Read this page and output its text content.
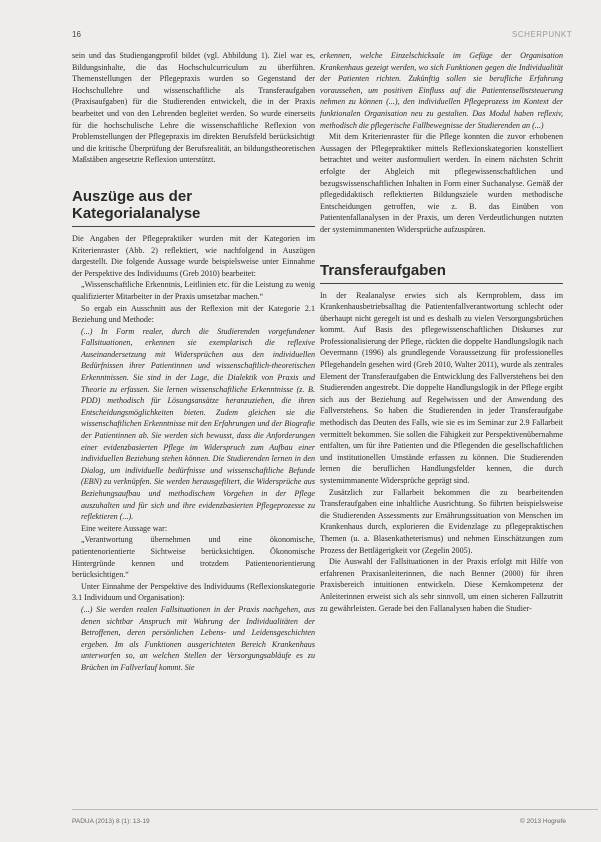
16	SCHERPUNKT

sein und das Studiengangprofil bildet (vgl. Abbildung 1). Ziel war es, Bildungsinhalte, die das Hochschulcurriculum zu überführen. Themenstellungen der Pflegepraxis wurden so Gegenstand der Hochschullehre und wissenschaftliche als Transferaufgaben (Praxisaufgaben) für die Studierenden entwickelt, die in der Praxis bearbeitet und von den Lehrenden begleitet werden. So wurde einerseits für die hochschulische Lehre die wissenschaftliche Reflexion von Problemstellungen der Pflegepraxis im direkten Berufsfeld berücksichtigt und die kritische Überprüfung der Berufsrealität, an bildungstheoretischen Maßstäben angesetzte Reflexion unterstützt.

Auszüge aus der Kategorialanalyse

Die Angaben der Pflegepraktiker wurden mit der Kategorien im Kriterienraster (Abb. 2) reflektiert, wie nachfolgend in Auszügen dargestellt. Die folgende Aussage wurde beispielsweise unter Einnahme der Perspektive des Individuums (Greb 2010) bearbeitet:

„Wissenschaftliche Erkenntnis, Leitlinien etc. für die Leistung zu wenig qualifizierter Mitarbeiter in der Praxis umsetzbar machen.“

So ergab ein Ausschnitt aus der Reflexion mit der Kategorie 2.1 Beziehung und Methode:

(...) In Form realer, durch die Studierenden vorgefundener Fallsituationen, erkennen sie exemplarisch die reflexive Auseinandersetzung mit Widersprüchen aus den individuellen Bedürfnissen ihrer Patientinnen und wissenschaftlich-theoretischen Erkenntnissen. Sie sind in der Lage, die Dialektik von Praxis und Theorie zu erfassen. Sie lernen wissenschaftliche Erkenntnisse (z. B. PDD) methodisch für Lösungsansätze heranzuziehen, die ihren Entscheidungsmöglichkeiten bieten. Zudem gleichen sie die wissenschaftlichen Erkenntnisse mit den Erfahrungen und der Biografie der Patientinnen ab. Sie werden sich bewusst, dass die Anforderungen einer evidenzbasierten Pflege im Widerspruch zum Aufbau einer individuellen Beziehung stehen können. Die Studierenden lernen in den Dialog, um individuelle bedürfnisse und wissenschaftliche Befunde (EBN) zu verknüpfen. Sie werden herausgefiltert, die Widersprüche aus Beziehungsaufbau und methodischem Vorgehen in der Pflege auszuhalten und für sich und ihre evidenzbasierten Pflegeprozesse zu reflektieren (...).

Eine weitere Aussage war:

„Verantwortung übernehmen und eine ökonomische, patientenorientierte Sichtweise berücksichtigen. Ökonomische Hintergründe kennen und trotzdem Patientenorientierung berücksichtigen.“

Unter Einnahme der Perspektive des Individuums (Reflexionskategorie 3.1 Individuum und Organisation):

(...) Sie werden realen Fallsituationen in der Praxis nachgehen, aus denen sichtbar Anspruch mit Wahrung der Individualitäten der Betroffenen, deren persönlichen Lebens- und Leidensgeschichten ergeben. Im als Funktionen ausgerichteten Bereich Krankenhaus unterworfen so, an welchen Stellen der Versorgungsabläufe es zu Brüchen im Fallverlauf kommt. Sie

erkennen, welche Einzelschicksale im Gefüge der Organisation Krankenhaus gezeigt werden, wo sich Funktionen gegen die Individualität der Patienten richten. Zukünftig sollen sie berufliche Erfahrung voraussehen, um positiven Einfluss auf die Patientenselbststeuerung nehmen zu können (...), den individuellen Pflegeprozess im Kontext der funktionalen Organisation neu zu gestalten. Das Modul haben reflexiv, methodisch die pflegerische Fallbewegnisse der Studierenden an (...)

Mit dem Kriterienraster für die Pflege konnten die zuvor erhobenen Aussagen der Pflegepraktiker mittels Reflexionskategorien konstelliert betrachtet und weiter ausformuliert werden. In einem nächsten Schritt erfolgte der Abgleich mit pflegewissenschaftlichen und bezugswissenschaftlichen Inhalten in Form einer Suchanalyse. Gemäß der pflegedidaktisch reflektierten Bildungsziele wurden methodische Entscheidungen getroffen, wie z. B. das Einüben von Patientenfallanalysen in der Praxis, um deren Verdeutlichungen nutzten der systemimmanenten Widersprüche aufzuspüren.

Transferaufgaben

In der Realanalyse erwies sich als Kernproblem, dass im Krankenhausbetriebsalltag die Patientenfallverantwortung schlecht oder überhaupt nicht geregelt ist und es deshalb zu vielen Versorgungsbrüchen kommt. Auf Basis des pflegewissenschaftlichen Diskurses zur Professionalisierung der Pflege, rückten die doppelte Handlungslogik nach Oevermann (1996) als grundlegende Voraussetzung für professionelles Pflegehandeln gesehen wird (Greb 2010, Walter 2011), wurde als zentrales Element der Transferaufgaben die Entwicklung des Fallverstehens bei den Studierenden angestrebt. Die doppelte Handlungslogik in der Pflege ergibt sich aus der Beziehung auf Regelwissen und der Anwendung des Fallverstehens. So haben die Studierenden in jeder Transferaufgabe methodisch das Deuten des Falls, wie sie es im Seminar zur 2.9 Fallarbeit vermittelt bekommen. Sie sollen die Fähigkeit zur Perspektivenübernahme entfalten, um für ihre Patienten und die Pflegenden die gesellschaftlichen und institutionellen Umstände erfassen zu können. Die Studierenden lernen die beruflichen Handlungsfelder kennen, die durch systemimmanente Widersprüche geprägt sind.

Zusätzlich zur Fallarbeit bekommen die zu bearbeitenden Transferaufgaben eine inhaltliche Ausrichtung. So führten beispielsweise die Studierenden Assessments zur Ernährungssituation von Menschen im Krankenhaus durch, explorieren die Evidenzlage zu pflegepraktischen Themen (u. a. Blasenkatheterismus) und nehmen Einschätzungen zum Prozess der Bettlägerigkeit vor (Zegelin 2005).

Die Auswahl der Fallsituationen in der Praxis erfolgt mit Hilfe von erfahrenen Praxisanleiterinnen, die nach Benner (2000) für ihren Praxisbereich intuitionen entwickeln. Diese Kernkompetenz der Anleiterinnen erweist sich als sehr sinnvoll, um einen sicheren Fallzutritt zu gewährleisten. Gerade bei den Fallanalysen haben die Studier-

PADUA (2013) 8 (1): 13-19	© 2013 Hogrefe
